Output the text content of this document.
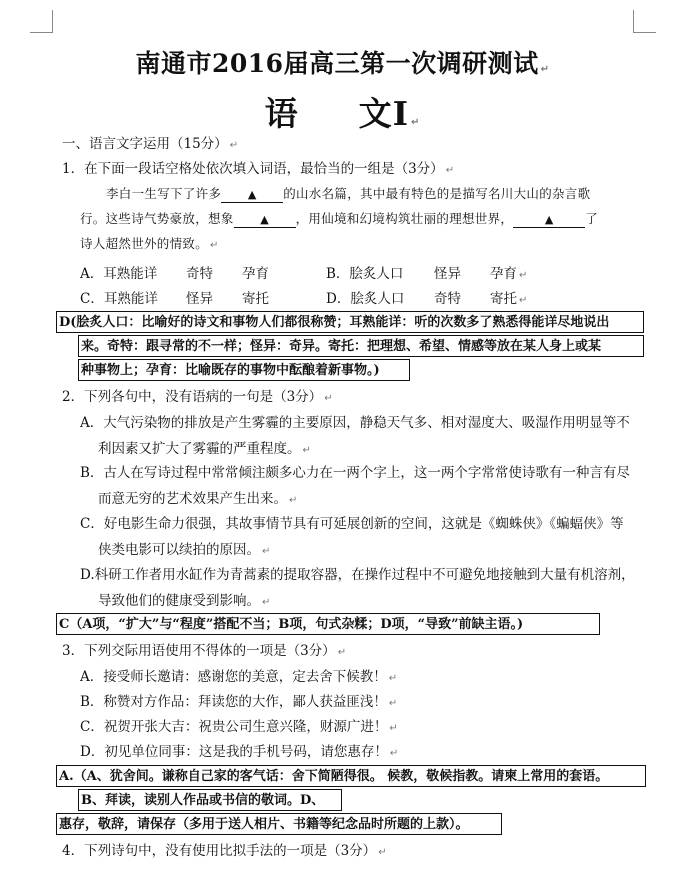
南通市2016届高三第一次调研测试 ↵
语 文Ⅰ ↵
一、语言文字运用（15分） ↵
1．在下面一段话空格处依次填入词语，最恰当的一组是（3分） ↵
李白一生写下了许多 ▲ 的山水名篇，其中最有特色的是描写名川大山的杂言歌
行。这些诗气势豪放，想象 ▲ ，用仙境和幻境构筑壮丽的理想世界，	▲	了
诗人超然世外的情致。 ↵
A．耳熟能详 奇特 孕育	B．脍炙人口 怪异 孕育 ↵
C．耳熟能详 怪异 寄托	D．脍炙人口 奇特 寄托 ↵
D(脍炙人口：比喻好的诗文和事物人们都很称赞；耳熟能详：听的次数多了熟悉得能详尽地说出
来。奇特：跟寻常的不一样；怪异：奇异。寄托：把理想、希望、情感等放在某人身上或某
种事物上；孕育：比喻既存的事物中酝酿着新事物。)
2．下列各句中，没有语病的一句是（3分） ↵
A．大气污染物的排放是产生雾霾的主要原因，静稳天气多、相对湿度大、吸湿作用明显等不
利因素又扩大了雾霾的严重程度。 ↵
B．古人在写诗过程中常常倾注颇多心力在一两个字上，这一两个字常常使诗歌有一种言有尽
而意无穷的艺术效果产生出来。 ↵
C．好电影生命力很强，其故事情节具有可延展创新的空间，这就是《蜘蛛侠》《蝙蝠侠》等
侠类电影可以续拍的原因。 ↵
D.科研工作者用水缸作为青蒿素的提取容器，在操作过程中不可避免地接触到大量有机溶剂，
导致他们的健康受到影响。 ↵
C（A项，“扩大”与“程度”搭配不当；B项，句式杂糅；D项，“导致”前缺主语。)
3．下列交际用语使用不得体的一项是（3分） ↵
A．接受师长邀请：感谢您的美意，定去舍下候教！ ↵
B．称赞对方作品：拜读您的大作，鄙人获益匪浅！ ↵
C．祝贺开张大吉：祝贵公司生意兴隆，财源广进！ ↵
D．初见单位同事：这是我的手机号码，请您惠存！ ↵
A.（A、犹舍间。谦称自己家的客气话：舍下简陋得很。 候教，敬候指教。请柬上常用的套语。
B、拜读，读别人作品或书信的敬词。D、
惠存，敬辞，请保存（多用于送人相片、书籍等纪念品时所题的上款）。
4．下列诗句中，没有使用比拟手法的一项是（3分） ↵
